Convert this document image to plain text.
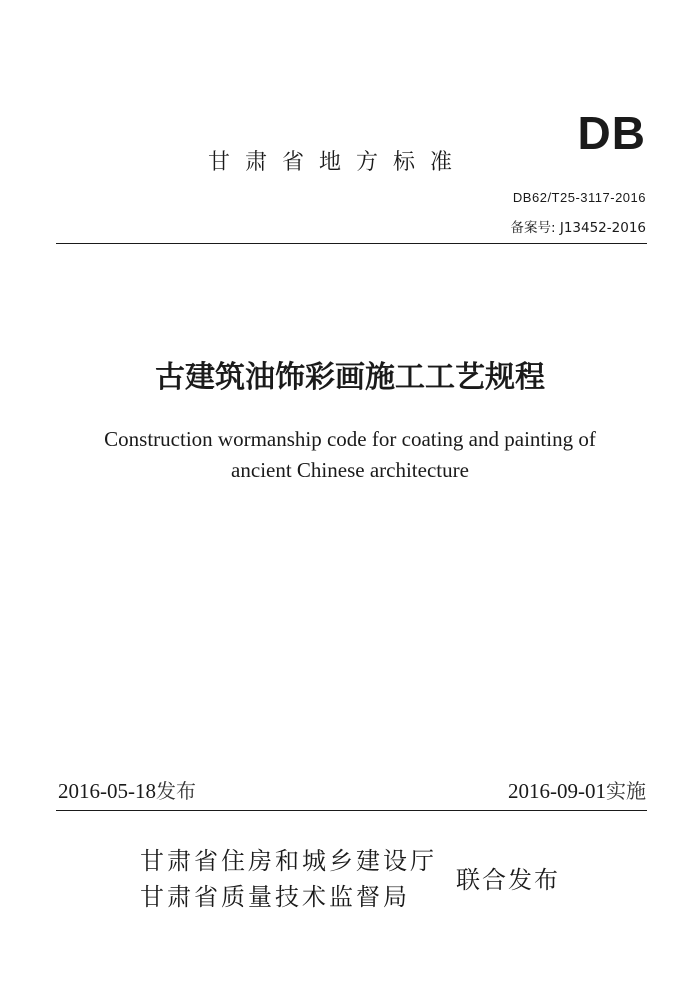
甘肃省地方标准
DB
DB62/T25-3117-2016
备案号: J13452-2016
古建筑油饰彩画施工工艺规程
Construction wormanship code for coating and painting of
ancient Chinese architecture
2016-05-18发布	2016-09-01实施
甘肃省住房和城乡建设厅
甘肃省质量技术监督局
联合发布
